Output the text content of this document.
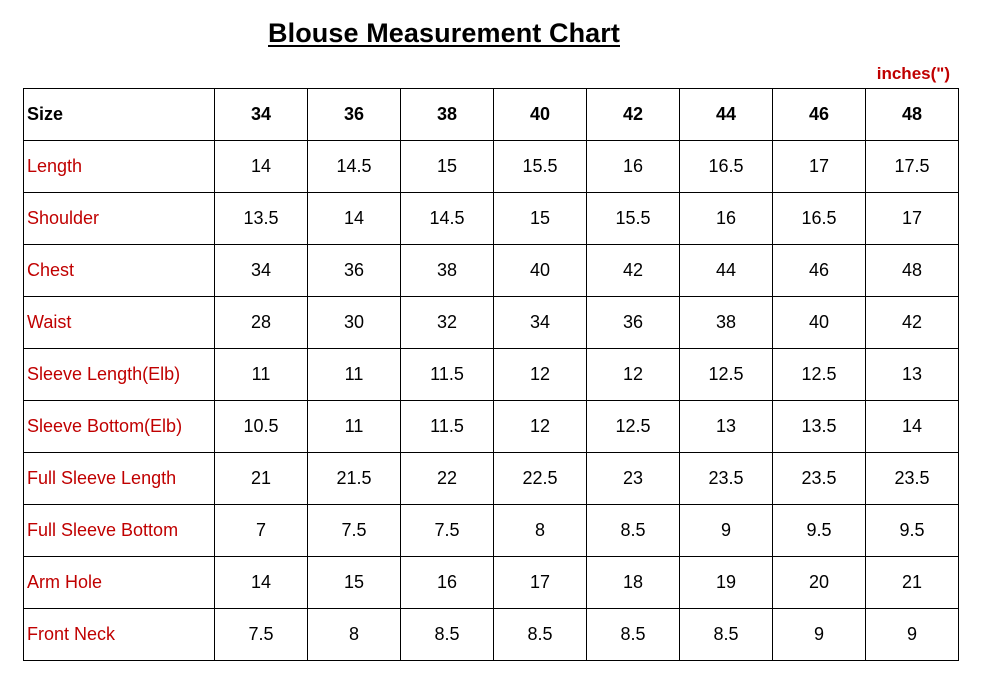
Blouse Measurement Chart
inches(")
Size	34	36	38	40	42	44	46	48
Length	14	14.5	15	15.5	16	16.5	17	17.5
Shoulder	13.5	14	14.5	15	15.5	16	16.5	17
Chest	34	36	38	40	42	44	46	48
Waist	28	30	32	34	36	38	40	42
Sleeve Length(Elb)	11	11	11.5	12	12	12.5	12.5	13
Sleeve Bottom(Elb)	10.5	11	11.5	12	12.5	13	13.5	14
Full Sleeve Length	21	21.5	22	22.5	23	23.5	23.5	23.5
Full Sleeve Bottom	7	7.5	7.5	8	8.5	9	9.5	9.5
Arm Hole	14	15	16	17	18	19	20	21
Front Neck	7.5	8	8.5	8.5	8.5	8.5	9	9
